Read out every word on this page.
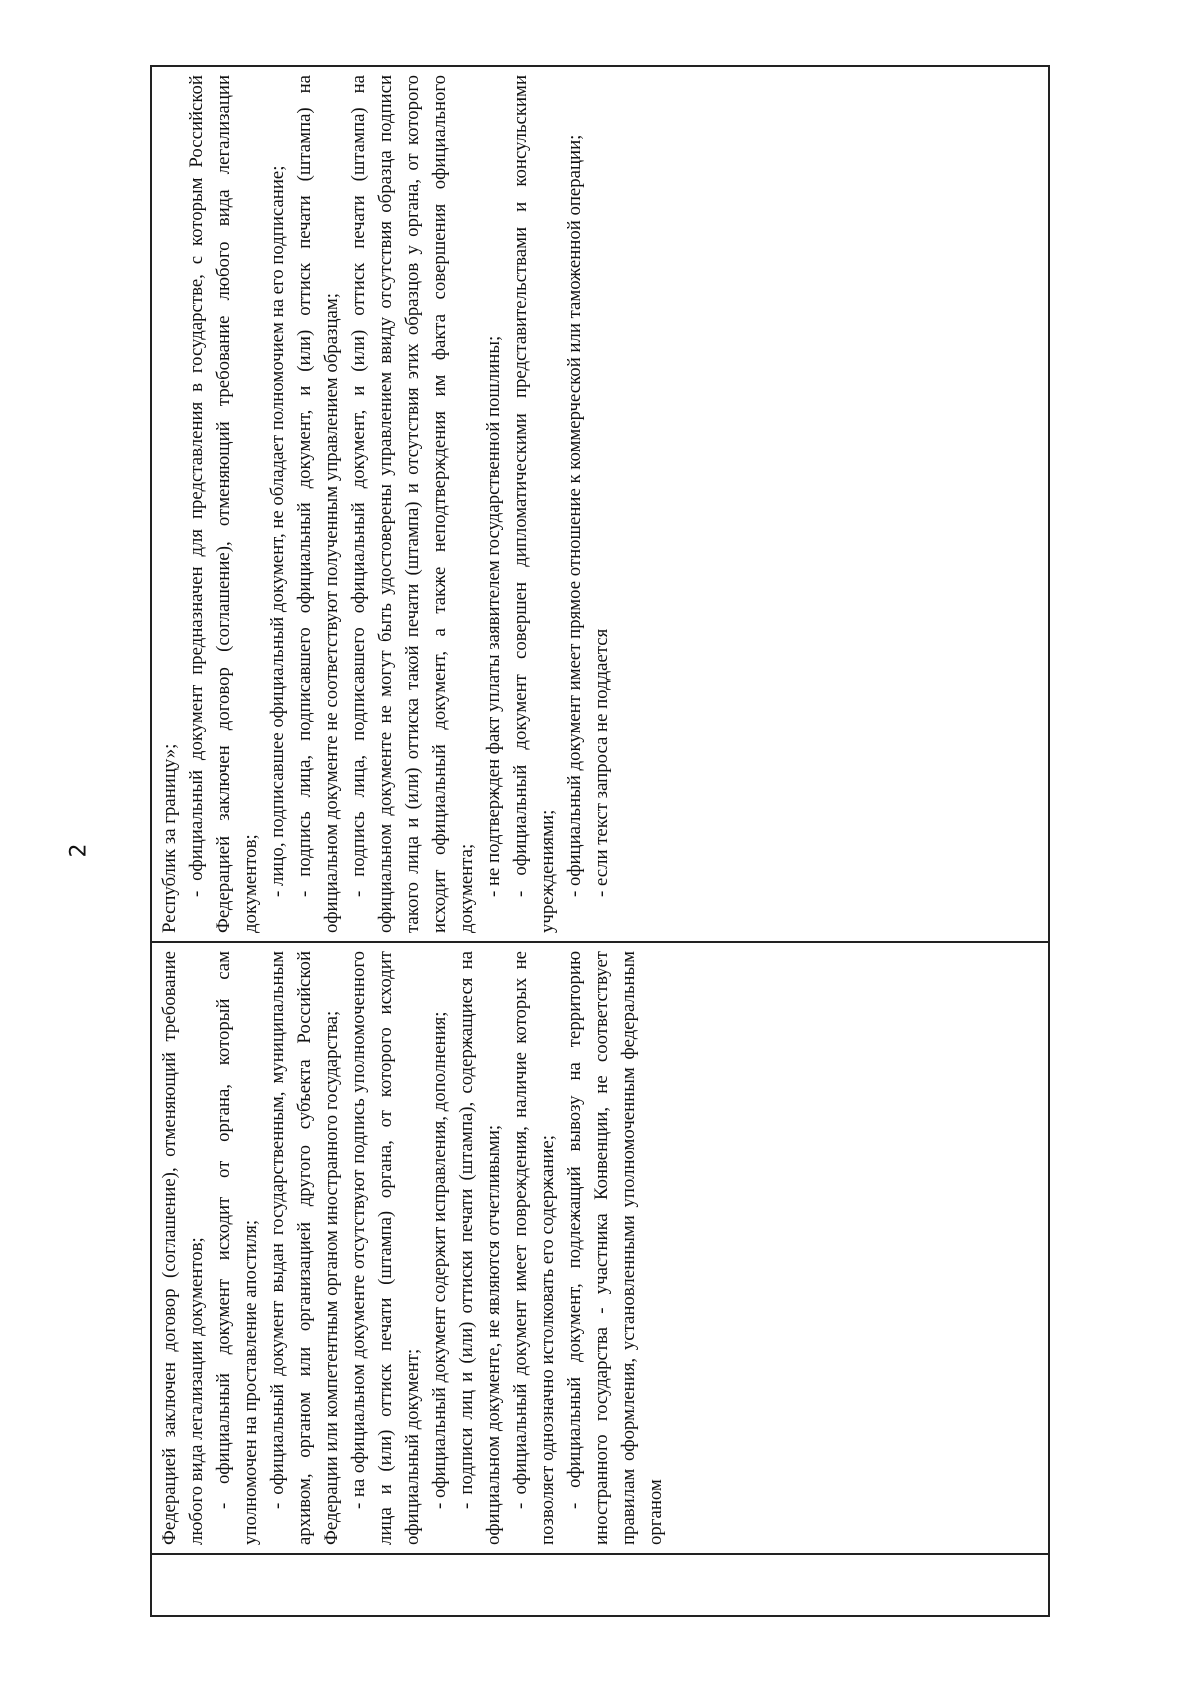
2

Федерацией заключен договор (соглашение), отменяющий требование любого вида легализации документов; - официальный документ исходит от органа, который сам уполномочен на проставление апостиля; - официальный документ выдан государственным, муниципальным архивом, органом или организацией другого субъекта Российской Федерации или компетентным органом иностранного государства; - на официальном документе отсутствуют подпись уполномоченного лица и (или) оттиск печати (штампа) органа, от которого исходит официальный документ; - официальный документ содержит исправления, дополнения; - подписи лиц и (или) оттиски печати (штампа), содержащиеся на официальном документе, не являются отчетливыми; - официальный документ имеет повреждения, наличие которых не позволяет однозначно истолковать его содержание; - официальный документ, подлежащий вывозу на территорию иностранного государства - участника Конвенции, не соответствует правилам оформления, установленными уполномоченным федеральным органом

Республик за границу»; - официальный документ предназначен для представления в государстве, с которым Российской Федерацией заключен договор (соглашение), отменяющий требование любого вида легализации документов; - лицо, подписавшее официальный документ, не обладает полномочием на его подписание; - подпись лица, подписавшего официальный документ, и (или) оттиск печати (штампа) на официальном документе не соответствуют полученным управлением образцам; - подпись лица, подписавшего официальный документ, и (или) оттиск печати (штампа) на официальном документе не могут быть удостоверены управлением ввиду отсутствия образца подписи такого лица и (или) оттиска такой печати (штампа) и отсутствия этих образцов у органа, от которого исходит официальный документ, а также неподтверждения им факта совершения официального документа; - не подтвержден факт уплаты заявителем государственной пошлины; - официальный документ совершен дипломатическими представительствами и консульскими учреждениями; - официальный документ имеет прямое отношение к коммерческой или таможенной операции; - если текст запроса не поддается
